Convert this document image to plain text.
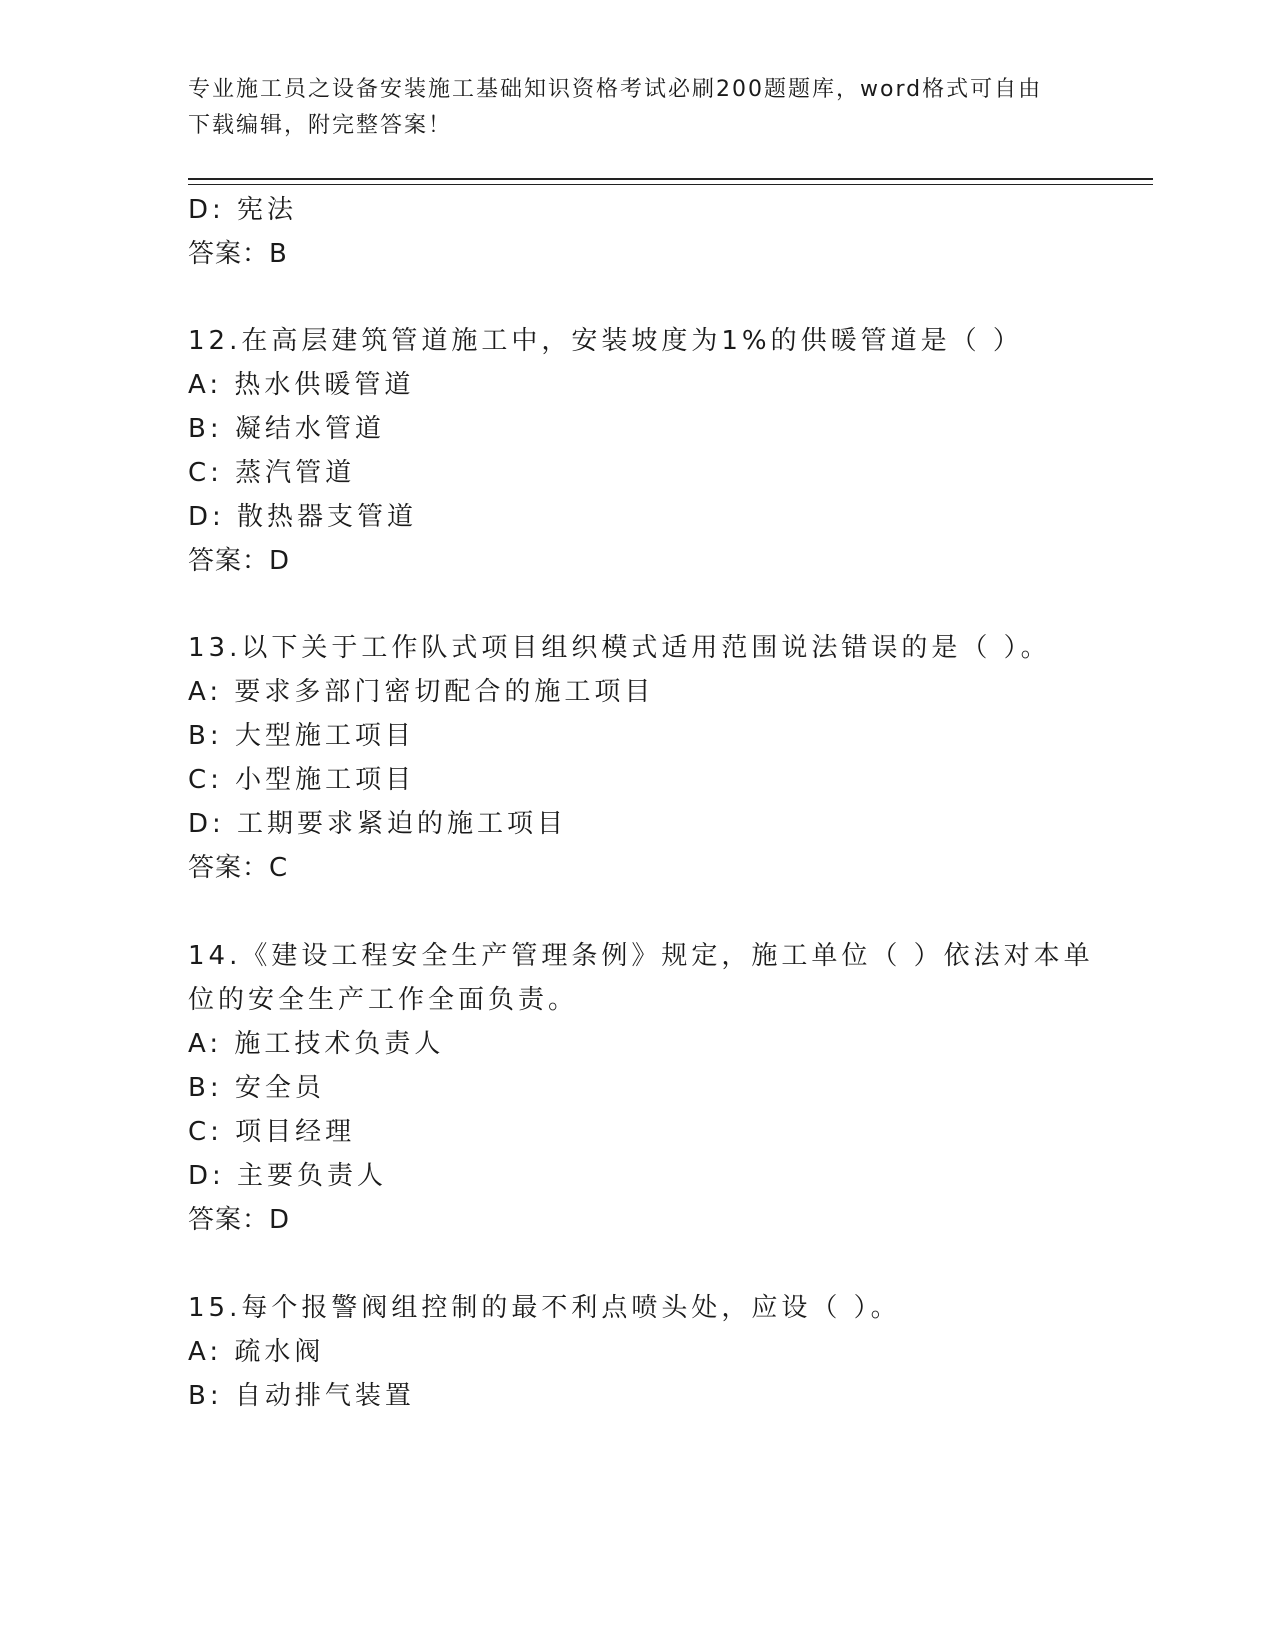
专业施工员之设备安装施工基础知识资格考试必刷200题题库，word格式可自由
下载编辑，附完整答案！
D: 宪法
答案：B
12.在高层建筑管道施工中，安装坡度为1%的供暖管道是（ ）
A: 热水供暖管道
B: 凝结水管道
C: 蒸汽管道
D: 散热器支管道
答案：D
13.以下关于工作队式项目组织模式适用范围说法错误的是（ ）。
A: 要求多部门密切配合的施工项目
B: 大型施工项目
C: 小型施工项目
D: 工期要求紧迫的施工项目
答案：C
14.《建设工程安全生产管理条例》规定，施工单位（ ）依法对本单
位的安全生产工作全面负责。
A: 施工技术负责人
B: 安全员
C: 项目经理
D: 主要负责人
答案：D
15.每个报警阀组控制的最不利点喷头处，应设（ ）。
A: 疏水阀
B: 自动排气装置
